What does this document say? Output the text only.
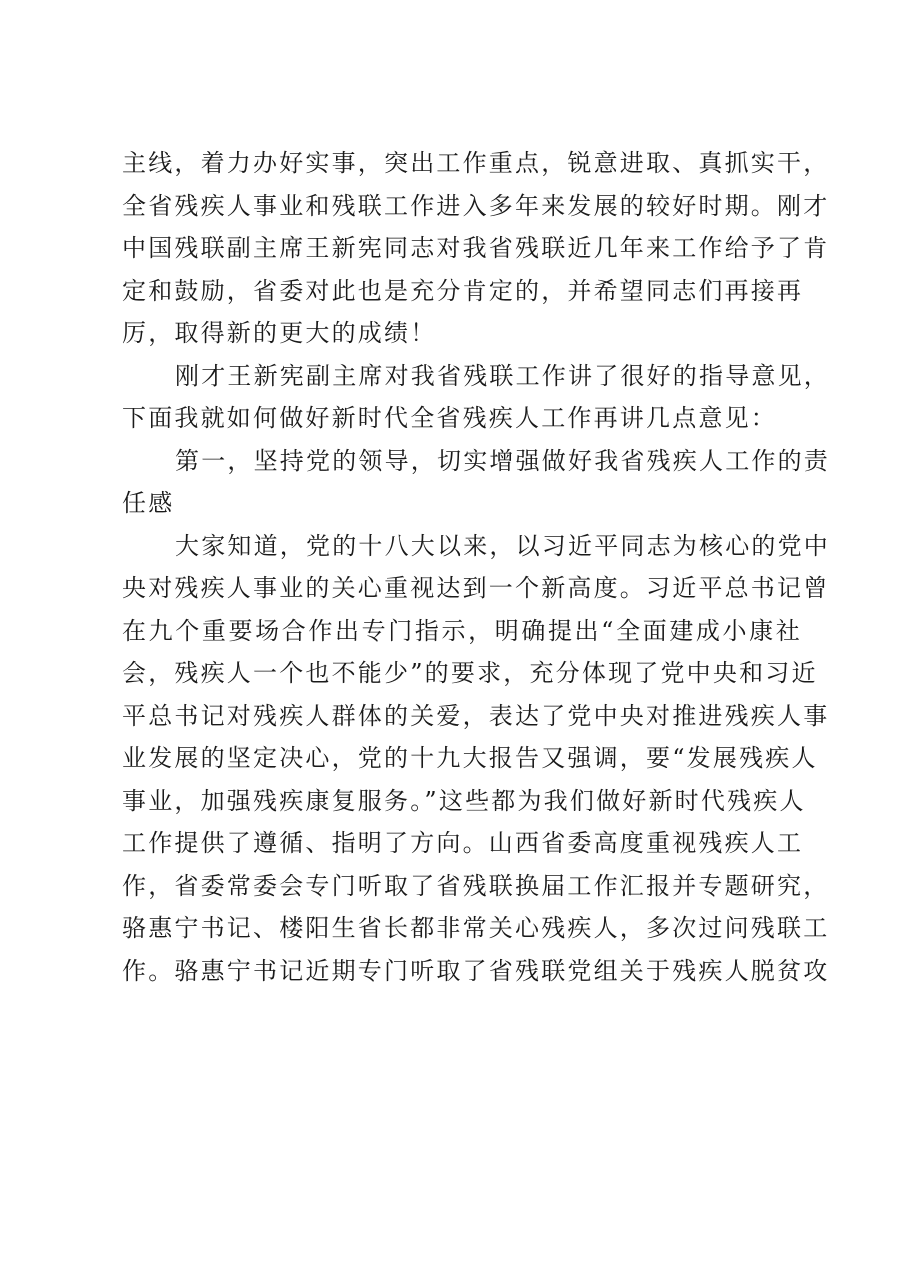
主线，着力办好实事，突出工作重点，锐意进取、真抓实干，
全省残疾人事业和残联工作进入多年来发展的较好时期。刚才
中国残联副主席王新宪同志对我省残联近几年来工作给予了肯
定和鼓励，省委对此也是充分肯定的，并希望同志们再接再
厉，取得新的更大的成绩！
刚才王新宪副主席对我省残联工作讲了很好的指导意见，
下面我就如何做好新时代全省残疾人工作再讲几点意见：
第一，坚持党的领导，切实增强做好我省残疾人工作的责
任感
大家知道，党的十八大以来，以习近平同志为核心的党中
央对残疾人事业的关心重视达到一个新高度。习近平总书记曾
在九个重要场合作出专门指示，明确提出“全面建成小康社
会，残疾人一个也不能少”的要求，充分体现了党中央和习近
平总书记对残疾人群体的关爱，表达了党中央对推进残疾人事
业发展的坚定决心，党的十九大报告又强调，要“发展残疾人
事业，加强残疾康复服务。”这些都为我们做好新时代残疾人
工作提供了遵循、指明了方向。山西省委高度重视残疾人工
作，省委常委会专门听取了省残联换届工作汇报并专题研究，
骆惠宁书记、楼阳生省长都非常关心残疾人，多次过问残联工
作。骆惠宁书记近期专门听取了省残联党组关于残疾人脱贫攻
